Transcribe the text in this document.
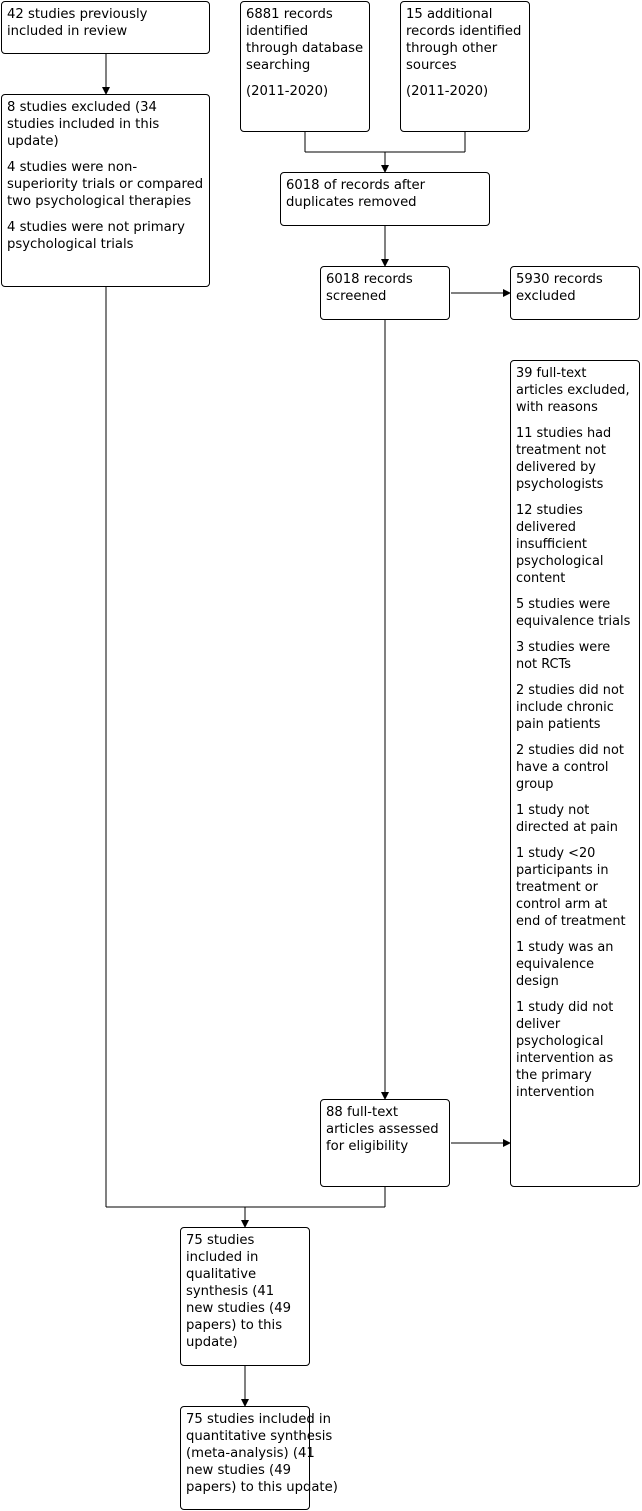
42 studies previously included in review

6881 records identified through database searching

(2011-2020)

15 additional records identified through other sources

(2011-2020)

8 studies excluded (34 studies included in this update)

4 studies were non-superiority trials or compared two psychological therapies

4 studies were not primary psychological trials

6018 of records after duplicates removed

6018 records screened

5930 records excluded

39 full-text articles excluded, with reasons

11 studies had treatment not delivered by psychologists

12 studies delivered insufficient psychological content

5 studies were equivalence trials

3 studies were not RCTs

2 studies did not include chronic pain patients

2 studies did not have a control group

1 study not directed at pain

1 study <20 participants in treatment or control arm at end of treatment

1 study was an equivalence design

1 study did not deliver psychological intervention as the primary intervention

88 full-text articles assessed for eligibility

75 studies included in qualitative synthesis (41 new studies (49 papers) to this update)

75 studies included in

quantitative synthesis

(meta-analysis) (41

new studies (49

papers) to this update)
